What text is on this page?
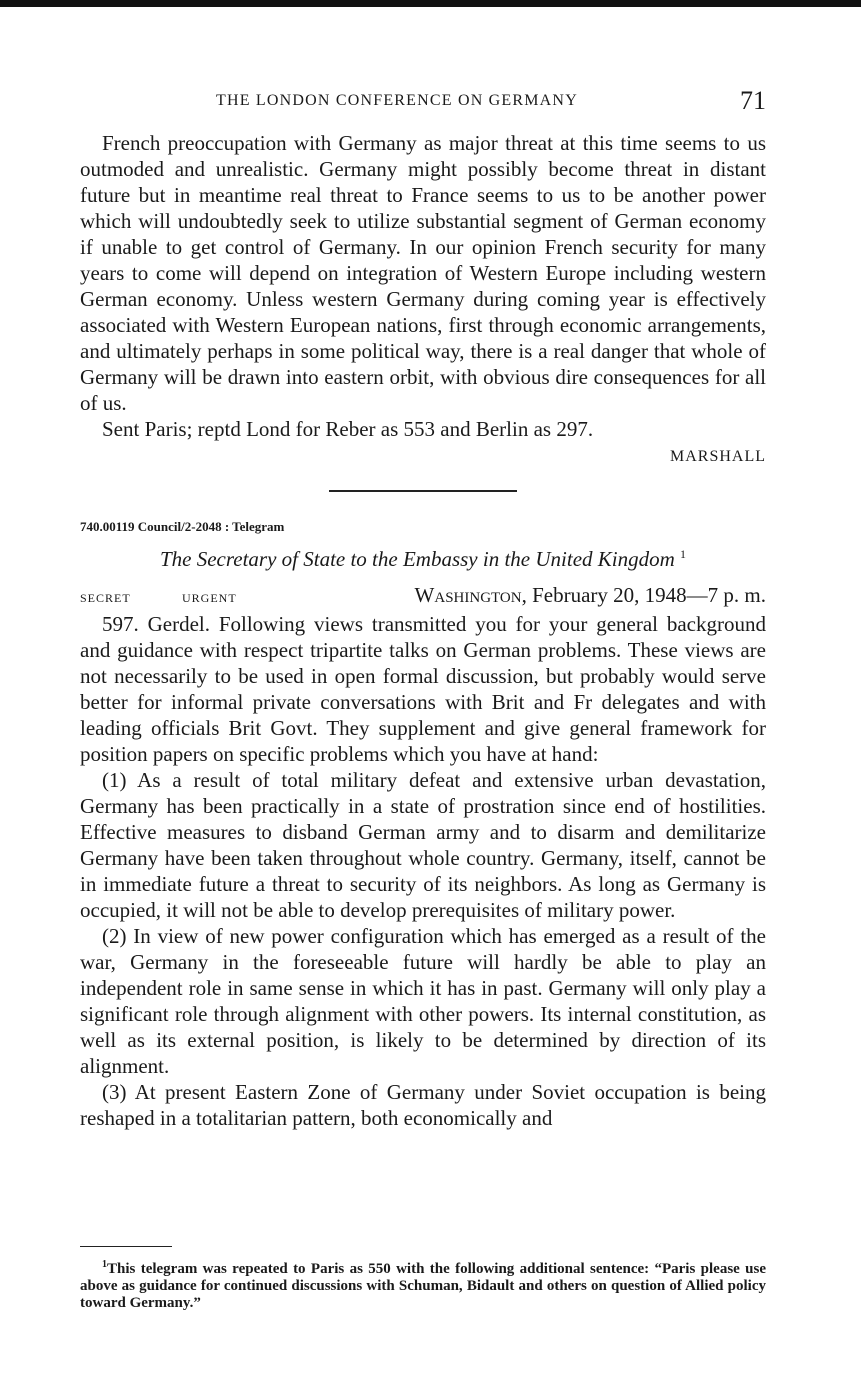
THE LONDON CONFERENCE ON GERMANY	71

French preoccupation with Germany as major threat at this time seems to us outmoded and unrealistic. Germany might possibly become threat in distant future but in meantime real threat to France seems to us to be another power which will undoubtedly seek to utilize substantial segment of German economy if unable to get control of Germany. In our opinion French security for many years to come will depend on integration of Western Europe including western German economy. Unless western Germany during coming year is effectively associated with Western European nations, first through economic arrangements, and ultimately perhaps in some political way, there is a real danger that whole of Germany will be drawn into eastern orbit, with obvious dire consequences for all of us.

Sent Paris; reptd Lond for Reber as 553 and Berlin as 297.

MARSHALL
740.00119 Council/2-2048 : Telegram
The Secretary of State to the Embassy in the United Kingdom $^1$
SECRET	URGENT	Washington, February 20, 1948—7 p. m.

597. Gerdel. Following views transmitted you for your general background and guidance with respect tripartite talks on German problems. These views are not necessarily to be used in open formal discussion, but probably would serve better for informal private conversations with Brit and Fr delegates and with leading officials Brit Govt. They supplement and give general framework for position papers on specific problems which you have at hand:

(1) As a result of total military defeat and extensive urban devastation, Germany has been practically in a state of prostration since end of hostilities. Effective measures to disband German army and to disarm and demilitarize Germany have been taken throughout whole country. Germany, itself, cannot be in immediate future a threat to security of its neighbors. As long as Germany is occupied, it will not be able to develop prerequisites of military power.

(2) In view of new power configuration which has emerged as a result of the war, Germany in the foreseeable future will hardly be able to play an independent role in same sense in which it has in past. Germany will only play a significant role through alignment with other powers. Its internal constitution, as well as its external position, is likely to be determined by direction of its alignment.

(3) At present Eastern Zone of Germany under Soviet occupation is being reshaped in a totalitarian pattern, both economically and

$^1$This telegram was repeated to Paris as 550 with the following additional sentence: “Paris please use above as guidance for continued discussions with Schuman, Bidault and others on question of Allied policy toward Germany.”
